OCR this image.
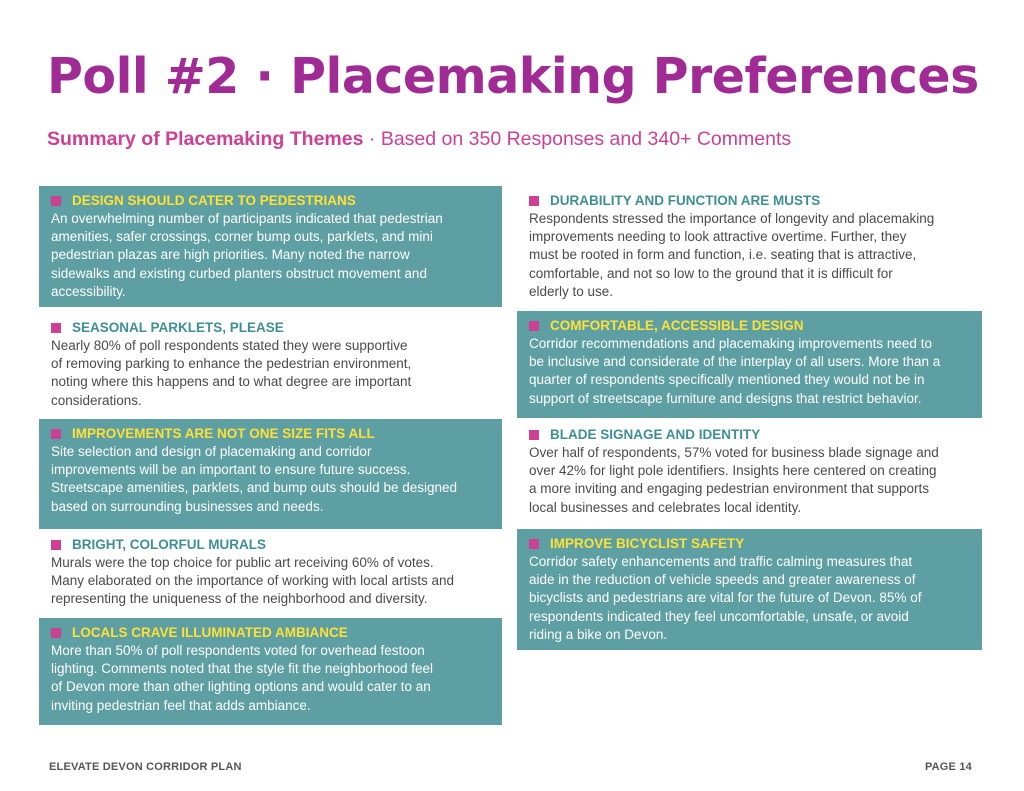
Poll #2 · Placemaking Preferences
Summary of Placemaking Themes · Based on 350 Responses and 340+ Comments
DESIGN SHOULD CATER TO PEDESTRIANS
An overwhelming number of participants indicated that pedestrian
amenities, safer crossings, corner bump outs, parklets, and mini
pedestrian plazas are high priorities. Many noted the narrow
sidewalks and existing curbed planters obstruct movement and
accessibility.
SEASONAL PARKLETS, PLEASE
Nearly 80% of poll respondents stated they were supportive
of removing parking to enhance the pedestrian environment,
noting where this happens and to what degree are important
considerations.
IMPROVEMENTS ARE NOT ONE SIZE FITS ALL
Site selection and design of placemaking and corridor
improvements will be an important to ensure future success.
Streetscape amenities, parklets, and bump outs should be designed
based on surrounding businesses and needs.
BRIGHT, COLORFUL MURALS
Murals were the top choice for public art receiving 60% of votes.
Many elaborated on the importance of working with local artists and
representing the uniqueness of the neighborhood and diversity.
LOCALS CRAVE ILLUMINATED AMBIANCE
More than 50% of poll respondents voted for overhead festoon
lighting. Comments noted that the style fit the neighborhood feel
of Devon more than other lighting options and would cater to an
inviting pedestrian feel that adds ambiance.
DURABILITY AND FUNCTION ARE MUSTS
Respondents stressed the importance of longevity and placemaking
improvements needing to look attractive overtime. Further, they
must be rooted in form and function, i.e. seating that is attractive,
comfortable, and not so low to the ground that it is difficult for
elderly to use.
COMFORTABLE, ACCESSIBLE DESIGN
Corridor recommendations and placemaking improvements need to
be inclusive and considerate of the interplay of all users. More than a
quarter of respondents specifically mentioned they would not be in
support of streetscape furniture and designs that restrict behavior.
BLADE SIGNAGE AND IDENTITY
Over half of respondents, 57% voted for business blade signage and
over 42% for light pole identifiers. Insights here centered on creating
a more inviting and engaging pedestrian environment that supports
local businesses and celebrates local identity.
IMPROVE BICYCLIST SAFETY
Corridor safety enhancements and traffic calming measures that
aide in the reduction of vehicle speeds and greater awareness of
bicyclists and pedestrians are vital for the future of Devon. 85% of
respondents indicated they feel uncomfortable, unsafe, or avoid
riding a bike on Devon.
ELEVATE DEVON CORRIDOR PLAN	PAGE 14
